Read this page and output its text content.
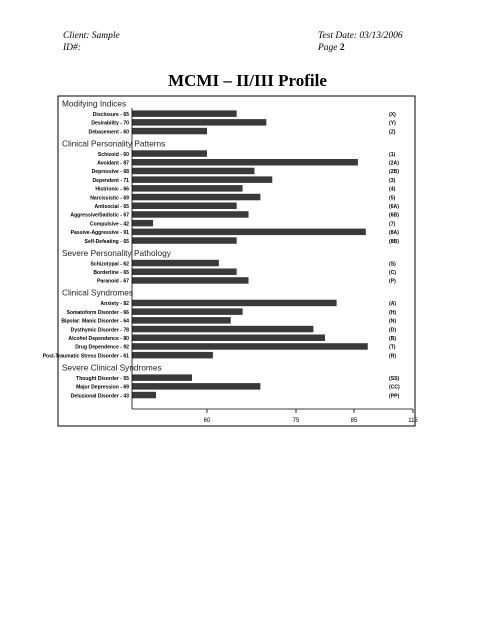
Client: Sample
ID#:
Test Date: 03/13/2006
Page 2
MCMI – II/III Profile
Modifying Indices
Disclosure - 65	(X)
Desirability - 70	(Y)
Debasement - 60	(Z)
Clinical Personality Patterns
Schizoid - 60	(1)
Avoidant - 87	(2A)
Depressive - 68	(2B)
Dependent - 71	(3)
Histrionic - 66	(4)
Narcissistic - 69	(5)
Antisocial - 65	(6A)
Aggressive/Sadistic - 67	(6B)
Compulsive - 42	(7)
Passive-Aggressive - 91	(8A)
Self-Defeating - 65	(8B)
Severe Personality Pathology
Schizotypal - 62	(S)
Borderline - 65	(C)
Paranoid - 67	(P)
Clinical Syndromes
Anxiety - 82	(A)
Somatoform Disorder - 66	(H)
Bipolar: Manic Disorder - 64	(N)
Dysthymic Disorder - 78	(D)
Alcohol Dependence - 80	(B)
Drug Dependence - 92	(T)
Post-Traumatic Stress Disorder - 61	(R)
Severe Clinical Syndromes
Thought Disorder - 55	(SS)
Major Depression - 69	(CC)
Delusional Disorder - 43	(PP)
60	75	85	115
